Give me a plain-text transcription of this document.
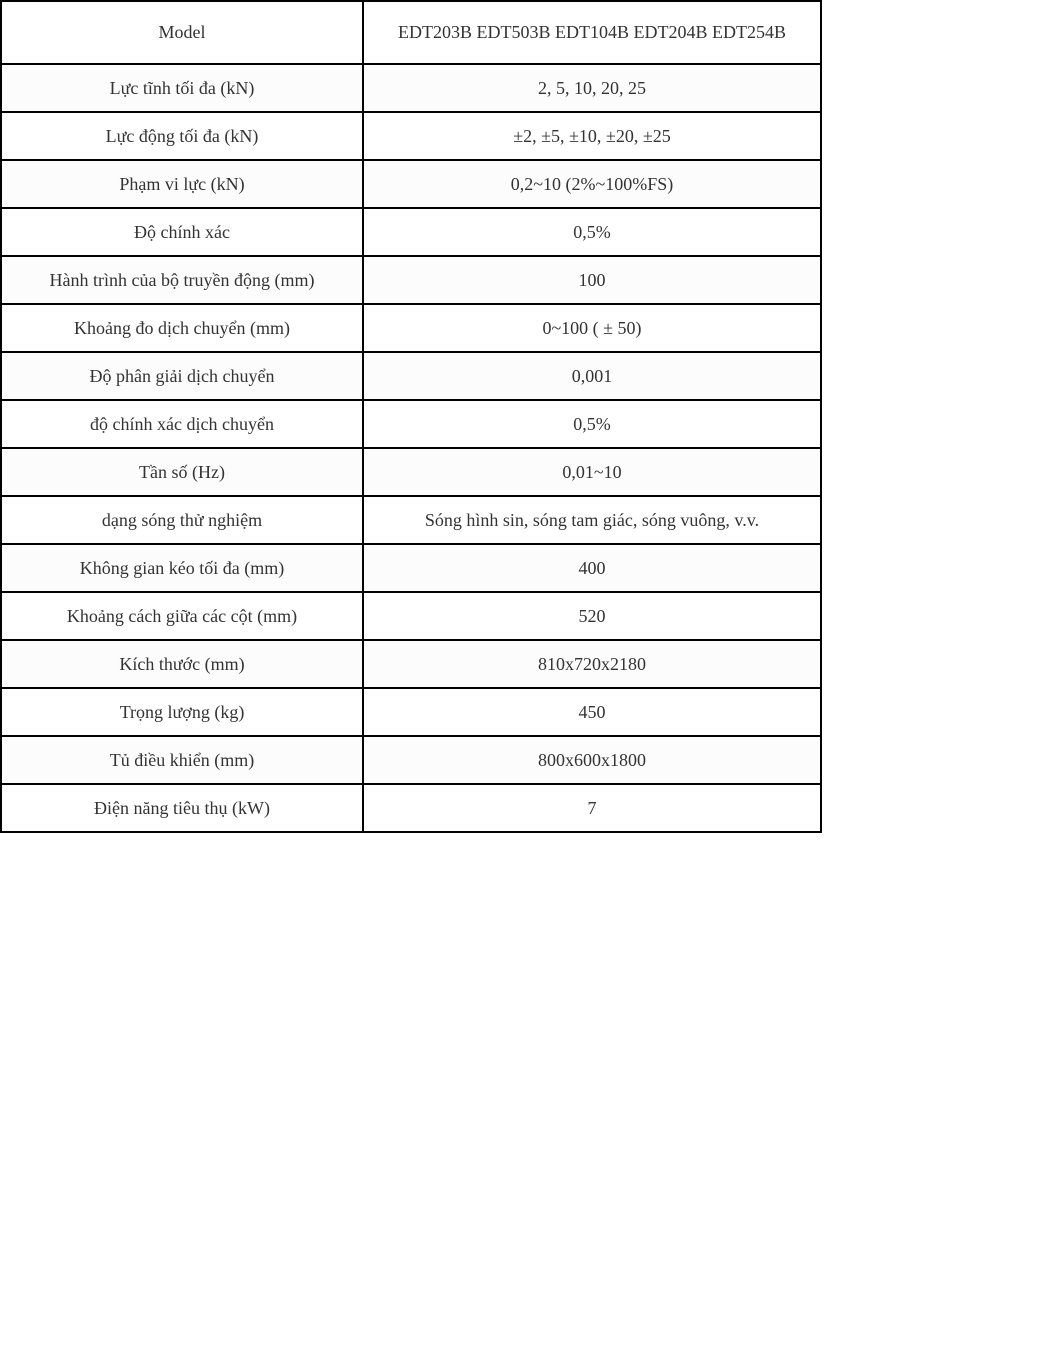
Model	EDT203B EDT503B EDT104B EDT204B EDT254B
Lực tĩnh tối đa (kN)	2, 5, 10, 20, 25
Lực động tối đa (kN)	±2, ±5, ±10, ±20, ±25
Phạm vi lực (kN)	0,2~10 (2%~100%FS)
Độ chính xác	0,5%
Hành trình của bộ truyền động (mm)	100
Khoảng đo dịch chuyển (mm)	0~100 ( ± 50)
Độ phân giải dịch chuyển	0,001
độ chính xác dịch chuyển	0,5%
Tần số (Hz)	0,01~10
dạng sóng thử nghiệm	Sóng hình sin, sóng tam giác, sóng vuông, v.v.
Không gian kéo tối đa (mm)	400
Khoảng cách giữa các cột (mm)	520
Kích thước (mm)	810x720x2180
Trọng lượng (kg)	450
Tủ điều khiển (mm)	800x600x1800
Điện năng tiêu thụ (kW)	7
